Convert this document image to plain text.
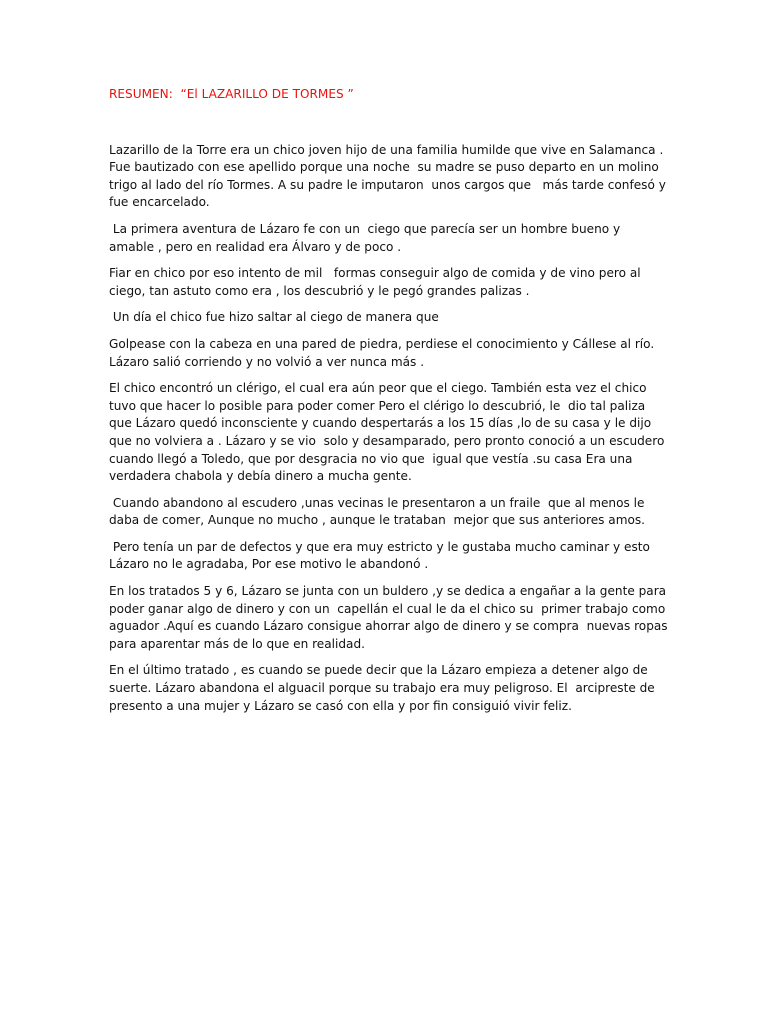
RESUMEN:  “El LAZARILLO DE TORMES ”

Lazarillo de la Torre era un chico joven hijo de una familia humilde que vive en Salamanca . Fue bautizado con ese apellido porque una noche  su madre se puso departo en un molino  trigo al lado del río Tormes. A su padre le imputaron  unos cargos que   más tarde confesó y fue encarcelado.

La primera aventura de Lázaro fe con un  ciego que parecía ser un hombre bueno y amable , pero en realidad era Álvaro y de poco .

Fiar en chico por eso intento de mil   formas conseguir algo de comida y de vino pero al ciego, tan astuto como era , los descubrió y le pegó grandes palizas .

Un día el chico fue hizo saltar al ciego de manera que

Golpease con la cabeza en una pared de piedra, perdiese el conocimiento y Cállese al río. Lázaro salió corriendo y no volvió a ver nunca más .

El chico encontró un clérigo, el cual era aún peor que el ciego. También esta vez el chico tuvo que hacer lo posible para poder comer Pero el clérigo lo descubrió, le  dio tal paliza  que Lázaro quedó inconsciente y cuando despertarás a los 15 días ,lo de su casa y le dijo que no volviera a . Lázaro y se vio  solo y desamparado, pero pronto conoció a un escudero cuando llegó a Toledo, que por desgracia no vio que  igual que vestía .su casa Era una verdadera chabola y debía dinero a mucha gente.

Cuando abandono al escudero ,unas vecinas le presentaron a un fraile  que al menos le daba de comer, Aunque no mucho , aunque le trataban  mejor que sus anteriores amos.

Pero tenía un par de defectos y que era muy estricto y le gustaba mucho caminar y esto Lázaro no le agradaba, Por ese motivo le abandonó .

En los tratados 5 y 6, Lázaro se junta con un buldero ,y se dedica a engañar a la gente para poder ganar algo de dinero y con un  capellán el cual le da el chico su  primer trabajo como aguador .Aquí es cuando Lázaro consigue ahorrar algo de dinero y se compra  nuevas ropas para aparentar más de lo que en realidad.

En el último tratado , es cuando se puede decir que la Lázaro empieza a detener algo de suerte. Lázaro abandona el alguacil porque su trabajo era muy peligroso. El  arcipreste de presento a una mujer y Lázaro se casó con ella y por fin consiguió vivir feliz.
